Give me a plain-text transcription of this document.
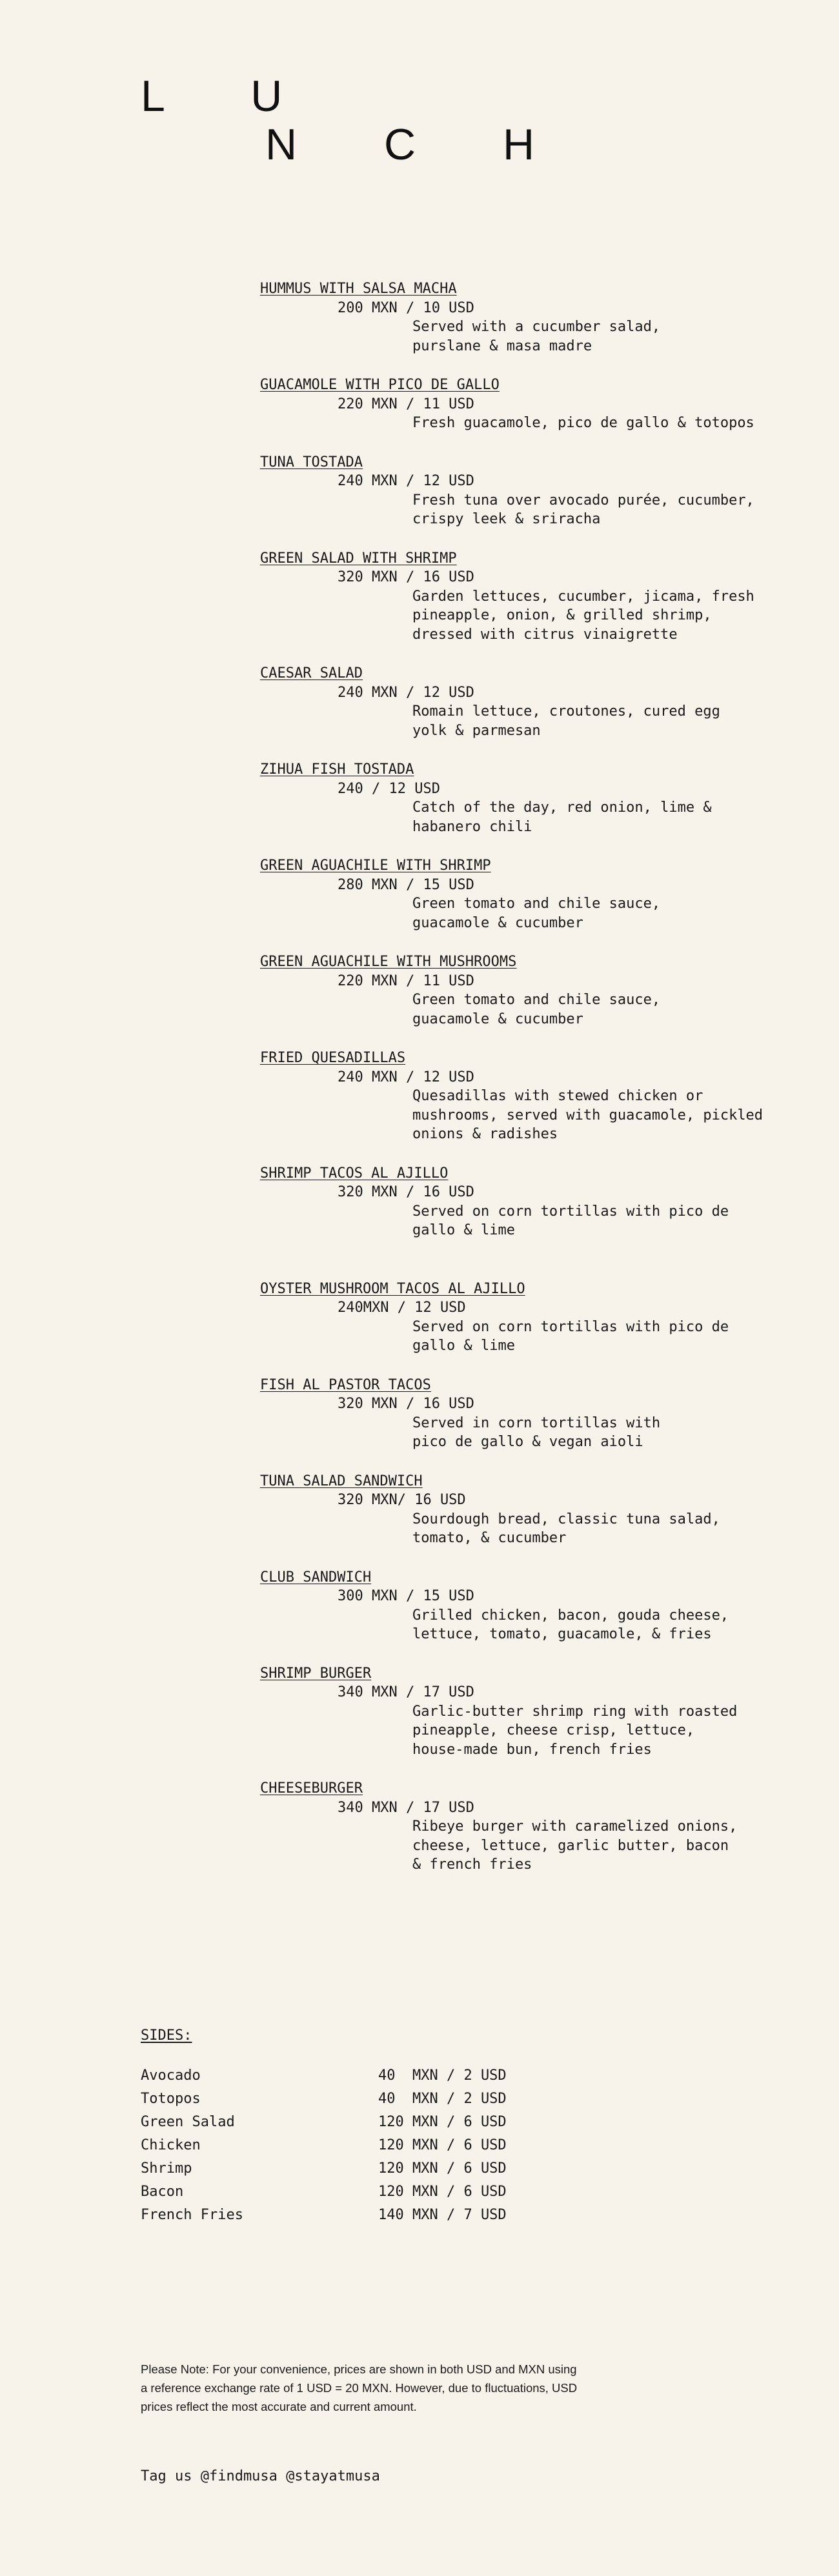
L U
N C H
HUMMUS WITH SALSA MACHA
200 MXN / 10 USD
Served with a cucumber salad,
purslane & masa madre
GUACAMOLE WITH PICO DE GALLO
220 MXN / 11 USD
Fresh guacamole, pico de gallo & totopos
TUNA TOSTADA
240 MXN / 12 USD
Fresh tuna over avocado purée, cucumber,
crispy leek & sriracha
GREEN SALAD WITH SHRIMP
320 MXN / 16 USD
Garden lettuces, cucumber, jicama, fresh
pineapple, onion, & grilled shrimp,
dressed with citrus vinaigrette
CAESAR SALAD
240 MXN / 12 USD
Romain lettuce, croutones, cured egg
yolk & parmesan
ZIHUA FISH TOSTADA
240 / 12 USD
Catch of the day, red onion, lime &
habanero chili
GREEN AGUACHILE WITH SHRIMP
280 MXN / 15 USD
Green tomato and chile sauce,
guacamole & cucumber
GREEN AGUACHILE WITH MUSHROOMS
220 MXN / 11 USD
Green tomato and chile sauce,
guacamole & cucumber
FRIED QUESADILLAS
240 MXN / 12 USD
Quesadillas with stewed chicken or
mushrooms, served with guacamole, pickled
onions & radishes
SHRIMP TACOS AL AJILLO
320 MXN / 16 USD
Served on corn tortillas with pico de
gallo & lime
OYSTER MUSHROOM TACOS AL AJILLO
240MXN / 12 USD
Served on corn tortillas with pico de
gallo & lime
FISH AL PASTOR TACOS
320 MXN / 16 USD
Served in corn tortillas with
pico de gallo & vegan aioli
TUNA SALAD SANDWICH
320 MXN/ 16 USD
Sourdough bread, classic tuna salad,
tomato, & cucumber
CLUB SANDWICH
300 MXN / 15 USD
Grilled chicken, bacon, gouda cheese,
lettuce, tomato, guacamole, & fries
SHRIMP BURGER
340 MXN / 17 USD
Garlic-butter shrimp ring with roasted
pineapple, cheese crisp, lettuce,
house-made bun, french fries
CHEESEBURGER
340 MXN / 17 USD
Ribeye burger with caramelized onions,
cheese, lettuce, garlic butter, bacon
& french fries
SIDES:
Avocado	40  MXN / 2 USD
Totopos	40  MXN / 2 USD
Green Salad	120 MXN / 6 USD
Chicken	120 MXN / 6 USD
Shrimp	120 MXN / 6 USD
Bacon	120 MXN / 6 USD
French Fries	140 MXN / 7 USD
Please Note: For your convenience, prices are shown in both USD and MXN using a reference exchange rate of 1 USD = 20 MXN. However, due to fluctuations, USD prices reflect the most accurate and current amount.
Tag us @findmusa @stayatmusa
